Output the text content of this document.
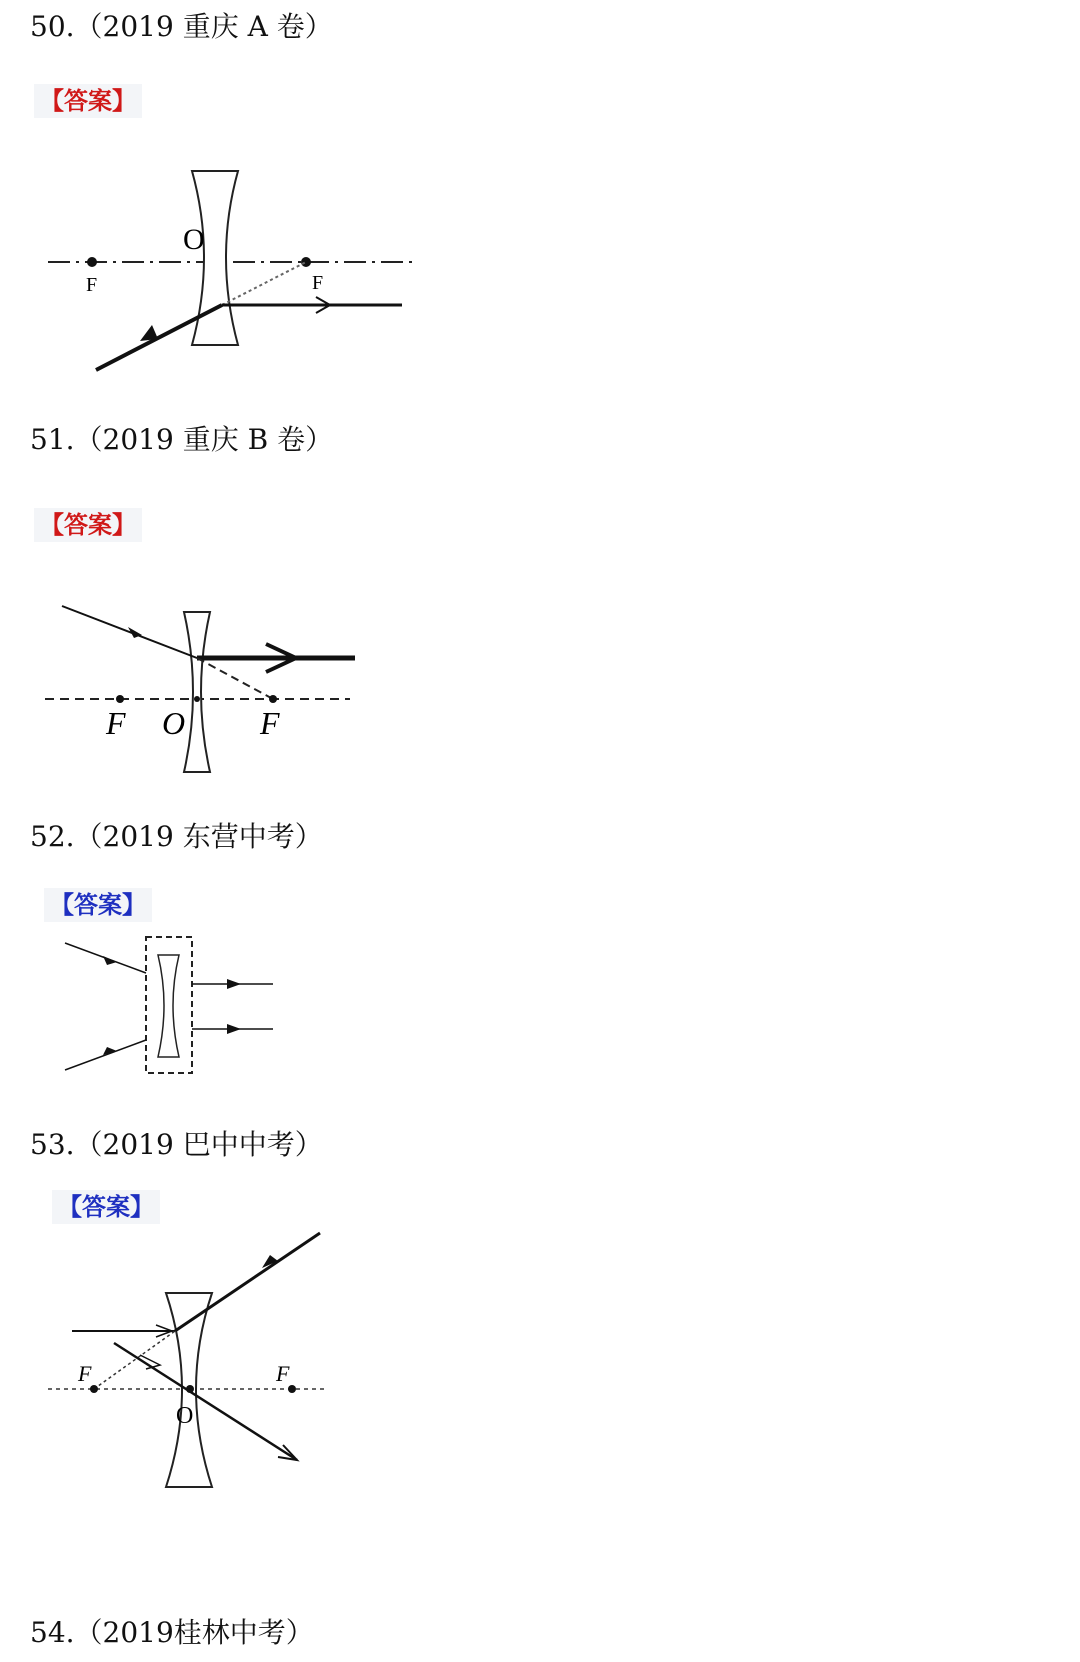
50.（2019 重庆 A 卷）
【答案】
O
F	F
51.（2019 重庆 B 卷）
【答案】
F O F
52.（2019 东营中考）
【答案】
53.（2019 巴中中考）
【答案】
F	F
O
54.（2019桂林中考）
